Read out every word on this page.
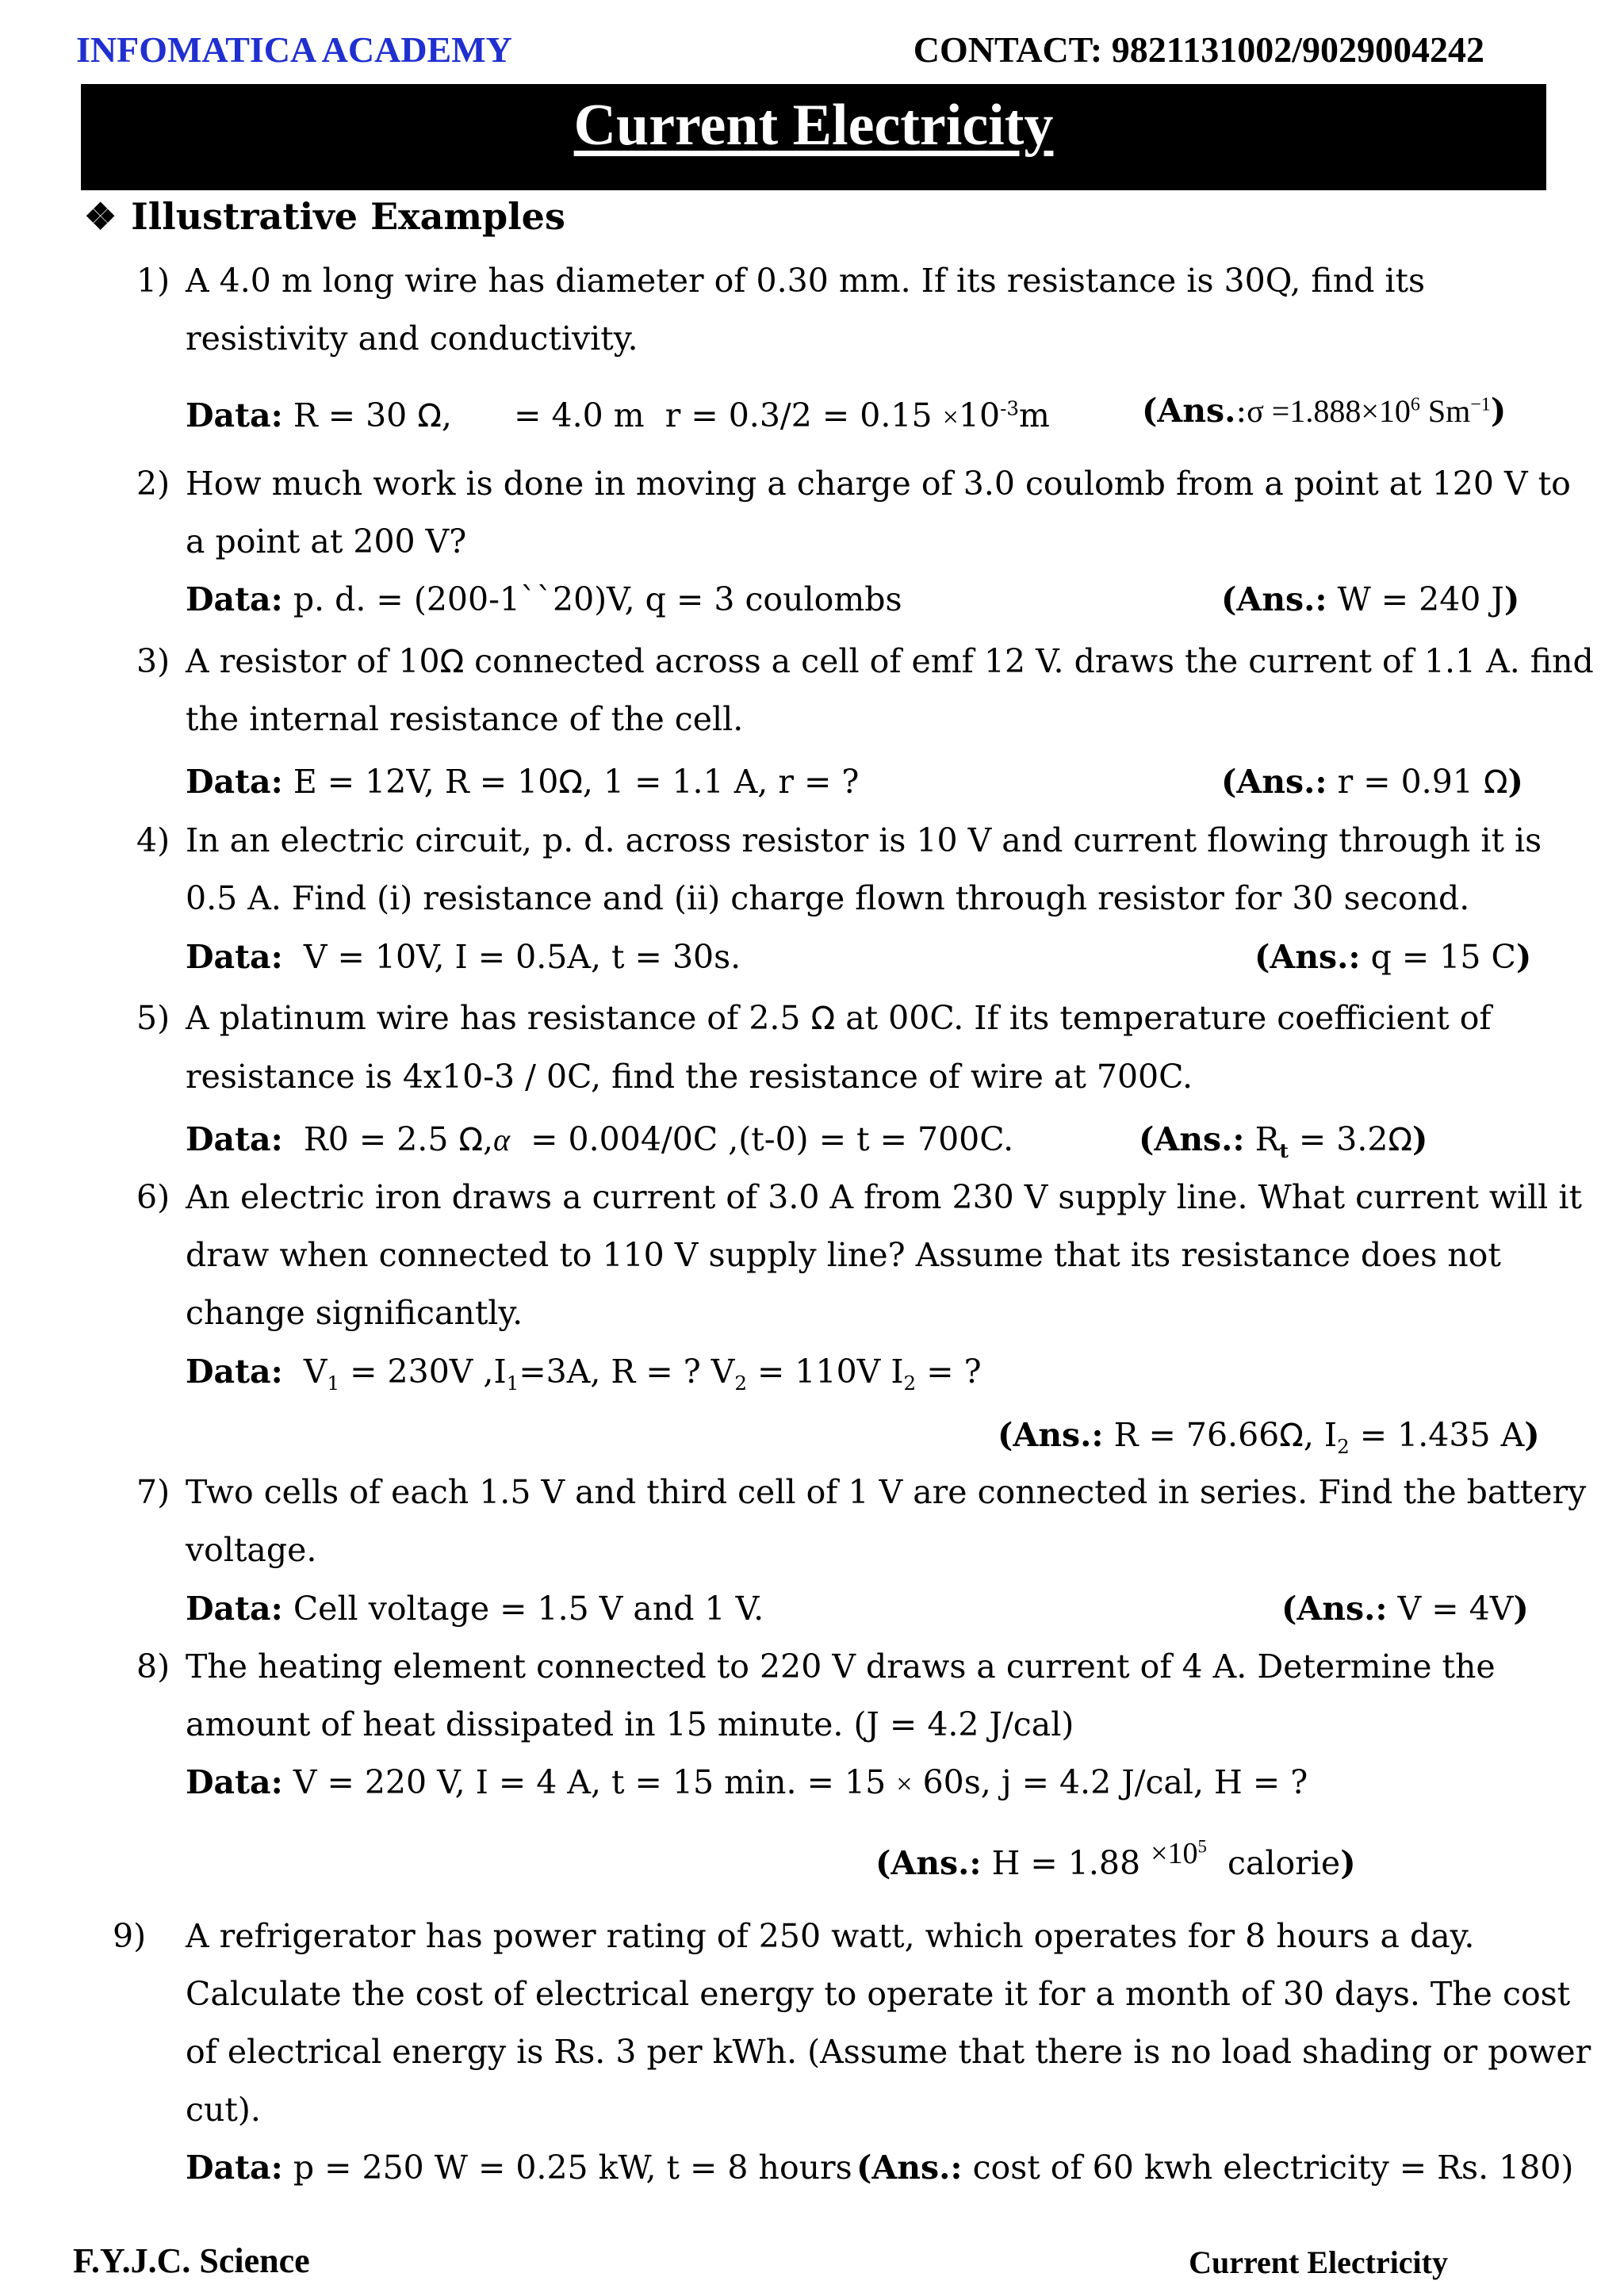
INFOMATICA ACADEMY	CONTACT: 9821131002/9029004242
Current Electricity
❖ Illustrative Examples
1) A 4.0 m long wire has diameter of 0.30 mm. If its resistance is 30Q, find its
resistivity and conductivity.
Data: R = 30 Ω,      = 4.0 m  $r = 0.3/2 = 0.15 \times 10^{-3}m$	(Ans.:σ $=1.888\times 10^6$ $Sm^{-1}$)
2) How much work is done in moving a charge of 3.0 coulomb from a point at 120 V to
a point at 200 V?
Data: p. d. = (200-1``20)V, q = 3 coulombs	(Ans.: W = 240 J)
3) A resistor of 10Ω connected across a cell of emf 12 V. draws the current of 1.1 A. find
the internal resistance of the cell.
Data: E = 12V, R = 10Ω, 1 = 1.1 A, r = ?	(Ans.: r = 0.91 Ω)
4) In an electric circuit, p. d. across resistor is 10 V and current flowing through it is
0.5 A. Find (i) resistance and (ii) charge flown through resistor for 30 second.
Data: V = 10V, I = 0.5A, t = 30s.	(Ans.: q = 15 C)
5) A platinum wire has resistance of 2.5 Ω at 00C. If its temperature coefficient of
resistance is 4x10-3 / 0C, find the resistance of wire at 700C.
Data: R0 = 2.5 Ω,α = 0.004/0C ,(t-0) = t = 700C.	(Ans.: $R_t = 3.2\Omega$)
6) An electric iron draws a current of 3.0 A from 230 V supply line. What current will it
draw when connected to 110 V supply line? Assume that its resistance does not
change significantly.
Data: $V_1 = 230V$ $,I_1=3A$, R = ? $V_2 = 110V$ $I_2$ = ?
(Ans.: R = 76.66Ω, $I_2 = 1.435$ A)
7) Two cells of each 1.5 V and third cell of 1 V are connected in series. Find the battery
voltage.
Data: Cell voltage = 1.5 V and 1 V.	(Ans.: V = 4V)
8) The heating element connected to 220 V draws a current of 4 A. Determine the
amount of heat dissipated in 15 minute. (J = 4.2 J/cal)
Data: V = 220 V, I = 4 A, t = 15 min. = 15 × 60s, j = 4.2 J/cal, H = ?
(Ans.: $H = 1.88 \times 10^5$ calorie)
9) A refrigerator has power rating of 250 watt, which operates for 8 hours a day.
Calculate the cost of electrical energy to operate it for a month of 30 days. The cost
of electrical energy is Rs. 3 per kWh. (Assume that there is no load shading or power
cut).
Data: p = 250 W = 0.25 kW, t = 8 hours (Ans.: cost of 60 kwh electricity = Rs. 180)
F.Y.J.C. Science	Current Electricity
